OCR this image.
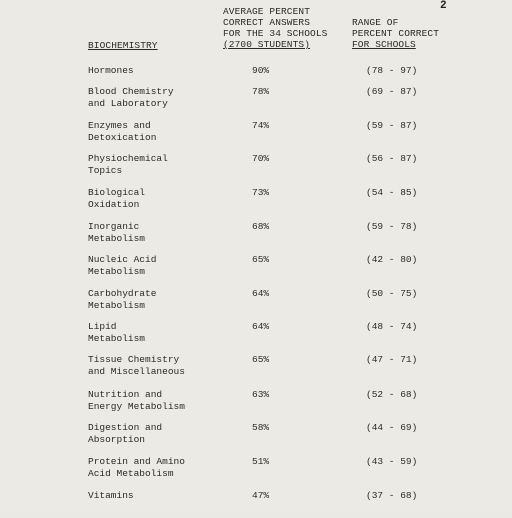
2
AVERAGE PERCENT
CORRECT ANSWERS
FOR THE 34 SCHOOLS
(2700 STUDENTS)
RANGE OF
PERCENT CORRECT
FOR SCHOOLS
BIOCHEMISTRY
Hormones	90%	(78 - 97)
Blood Chemistry
and Laboratory
78%	(69 - 87)
Enzymes and
Detoxication
74%	(59 - 87)
Physiochemical
Topics
70%	(56 - 87)
Biological
Oxidation
73%	(54 - 85)
Inorganic
Metabolism
68%	(59 - 78)
Nucleic Acid
Metabolism
65%	(42 - 80)
Carbohydrate
Metabolism
64%	(50 - 75)
Lipid
Metabolism
64%	(48 - 74)
Tissue Chemistry
and Miscellaneous
65%	(47 - 71)
Nutrition and
Energy Metabolism
63%	(52 - 68)
Digestion and
Absorption
58%	(44 - 69)
Protein and Amino
Acid Metabolism
51%	(43 - 59)
Vitamins	47%	(37 - 68)
